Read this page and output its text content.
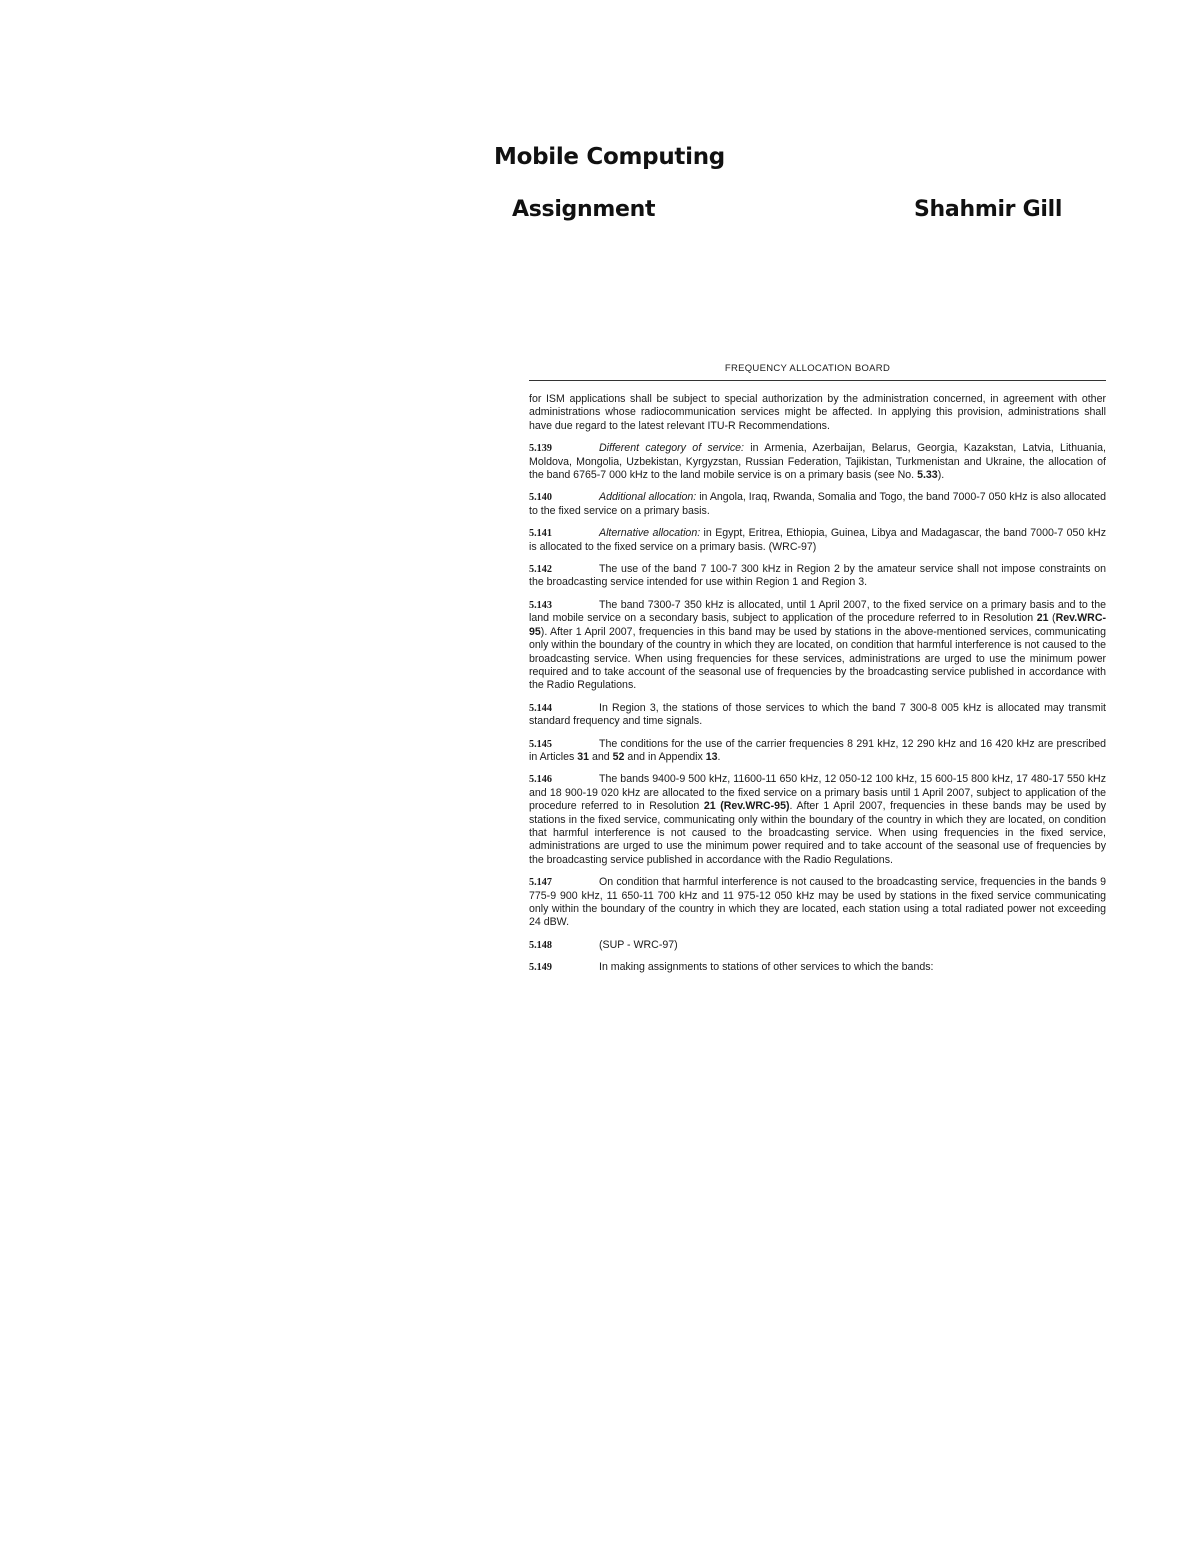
Mobile Computing
Assignment	Shahmir Gill
FREQUENCY ALLOCATION BOARD

for ISM applications shall be subject to special authorization by the administration concerned, in agreement with other administrations whose radiocommunication services might be affected. In applying this provision, administrations shall have due regard to the latest relevant ITU-R Recommendations.

5.139	Different category of service: in Armenia, Azerbaijan, Belarus, Georgia, Kazakstan, Latvia, Lithuania, Moldova, Mongolia, Uzbekistan, Kyrgyzstan, Russian Federation, Tajikistan, Turkmenistan and Ukraine, the allocation of the band 6765-7 000 kHz to the land mobile service is on a primary basis (see No. 5.33).

5.140	Additional allocation: in Angola, Iraq, Rwanda, Somalia and Togo, the band 7000-7 050 kHz is also allocated to the fixed service on a primary basis.

5.141	Alternative allocation: in Egypt, Eritrea, Ethiopia, Guinea, Libya and Madagascar, the band 7000-7 050 kHz is allocated to the fixed service on a primary basis. (WRC-97)

5.142	The use of the band 7 100-7 300 kHz in Region 2 by the amateur service shall not impose constraints on the broadcasting service intended for use within Region 1 and Region 3.

5.143	The band 7300-7 350 kHz is allocated, until 1 April 2007, to the fixed service on a primary basis and to the land mobile service on a secondary basis, subject to application of the procedure referred to in Resolution 21 (Rev.WRC-95). After 1 April 2007, frequencies in this band may be used by stations in the above-mentioned services, communicating only within the boundary of the country in which they are located, on condition that harmful interference is not caused to the broadcasting service. When using frequencies for these services, administrations are urged to use the minimum power required and to take account of the seasonal use of frequencies by the broadcasting service published in accordance with the Radio Regulations.

5.144	In Region 3, the stations of those services to which the band 7 300-8 005 kHz is allocated may transmit standard frequency and time signals.

5.145	The conditions for the use of the carrier frequencies 8 291 kHz, 12 290 kHz and 16 420 kHz are prescribed in Articles 31 and 52 and in Appendix 13.

5.146	The bands 9400-9 500 kHz, 11600-11 650 kHz, 12 050-12 100 kHz, 15 600-15 800 kHz, 17 480-17 550 kHz and 18 900-19 020 kHz are allocated to the fixed service on a primary basis until 1 April 2007, subject to application of the procedure referred to in Resolution 21 (Rev.WRC-95). After 1 April 2007, frequencies in these bands may be used by stations in the fixed service, communicating only within the boundary of the country in which they are located, on condition that harmful interference is not caused to the broadcasting service. When using frequencies in the fixed service, administrations are urged to use the minimum power required and to take account of the seasonal use of frequencies by the broadcasting service published in accordance with the Radio Regulations.

5.147	On condition that harmful interference is not caused to the broadcasting service, frequencies in the bands 9 775-9 900 kHz, 11 650-11 700 kHz and 11 975-12 050 kHz may be used by stations in the fixed service communicating only within the boundary of the country in which they are located, each station using a total radiated power not exceeding 24 dBW.

5.148	(SUP - WRC-97)

5.149	In making assignments to stations of other services to which the bands:
